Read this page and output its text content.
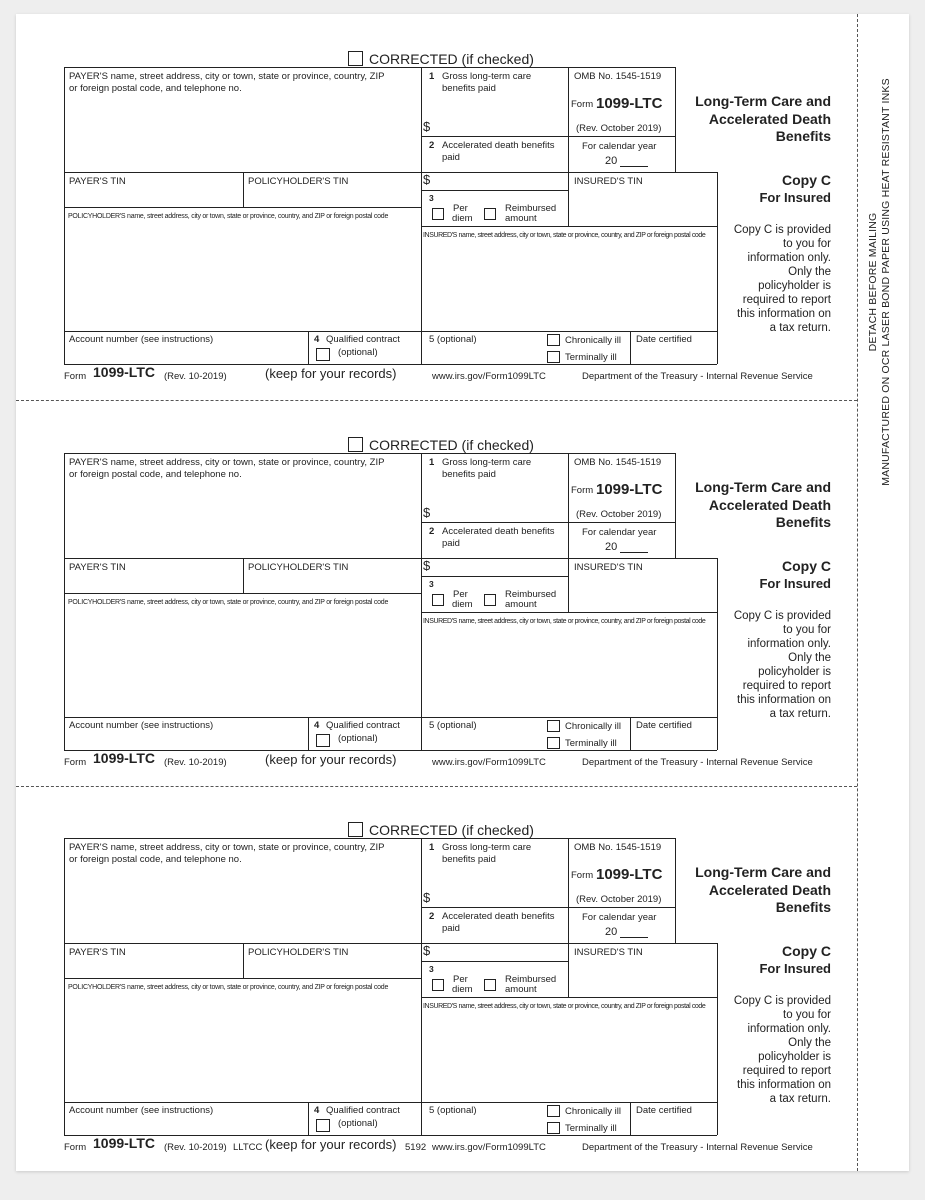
DETACH BEFORE MAILING MANUFACTURED ON OCR LASER BOND PAPER USING HEAT RESISTANT INKS
CORRECTED (if checked)
PAYER'S name, street address, city or town, state or province, country, ZIP
or foreign postal code, and telephone no.
1 Gross long-term care
benefits paid
$
OMB No. 1545-1519
Form 1099-LTC
(Rev. October 2019)
Long-Term Care and
Accelerated Death
Benefits
2 Accelerated death benefits
paid
$
For calendar year
20
PAYER'S TIN	POLICYHOLDER'S TIN	INSURED'S TIN
3
Per
diem
Reimbursed
amount
Copy C
For Insured
Copy C is provided to you for information only. Only the policyholder is required to report this information on a tax return.
POLICYHOLDER'S name, street address, city or town, state or province, country, and ZIP or foreign postal code
INSURED'S name, street address, city or town, state or province, country, and ZIP or foreign postal code
Account number (see instructions)	4 Qualified contract
(optional)
5 (optional)	Chronically ill
Terminally ill
Date certified
Form 1099-LTC (Rev. 10-2019)	(keep for your records)	www.irs.gov/Form1099LTC	Department of the Treasury - Internal Revenue Service
CORRECTED (if checked)
PAYER'S name, street address, city or town, state or province, country, ZIP
or foreign postal code, and telephone no.
1 Gross long-term care
benefits paid
$
OMB No. 1545-1519
Form 1099-LTC
(Rev. October 2019)
Long-Term Care and
Accelerated Death
Benefits
2 Accelerated death benefits
paid
$
For calendar year
20
PAYER'S TIN	POLICYHOLDER'S TIN	INSURED'S TIN
3
Per
diem
Reimbursed
amount
Copy C
For Insured
Copy C is provided to you for information only. Only the policyholder is required to report this information on a tax return.
POLICYHOLDER'S name, street address, city or town, state or province, country, and ZIP or foreign postal code
INSURED'S name, street address, city or town, state or province, country, and ZIP or foreign postal code
Account number (see instructions)	4 Qualified contract
(optional)
5 (optional)	Chronically ill
Terminally ill
Date certified
Form 1099-LTC (Rev. 10-2019)	(keep for your records)	www.irs.gov/Form1099LTC	Department of the Treasury - Internal Revenue Service
CORRECTED (if checked)
PAYER'S name, street address, city or town, state or province, country, ZIP
or foreign postal code, and telephone no.
1 Gross long-term care
benefits paid
$
OMB No. 1545-1519
Form 1099-LTC
(Rev. October 2019)
Long-Term Care and
Accelerated Death
Benefits
2 Accelerated death benefits
paid
$
For calendar year
20
PAYER'S TIN	POLICYHOLDER'S TIN	INSURED'S TIN
3
Per
diem
Reimbursed
amount
Copy C
For Insured
Copy C is provided to you for information only. Only the policyholder is required to report this information on a tax return.
POLICYHOLDER'S name, street address, city or town, state or province, country, and ZIP or foreign postal code
INSURED'S name, street address, city or town, state or province, country, and ZIP or foreign postal code
Account number (see instructions)	4 Qualified contract
(optional)
5 (optional)	Chronically ill
Terminally ill
Date certified
Form 1099-LTC (Rev. 10-2019) LLTCC (keep for your records) 5192 www.irs.gov/Form1099LTC	Department of the Treasury - Internal Revenue Service
